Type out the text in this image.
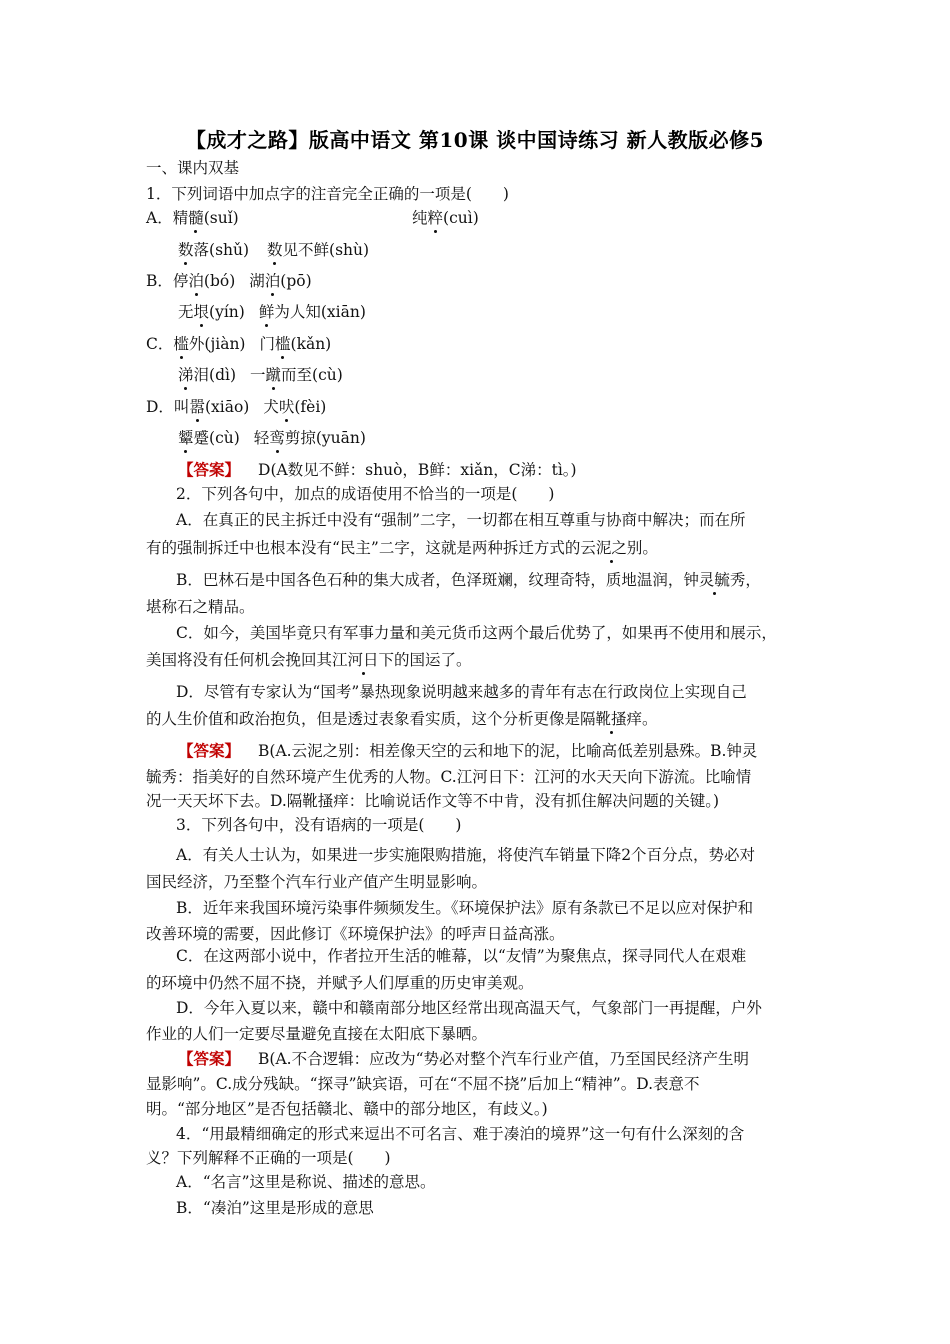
【成才之路】版高中语文 第10课 谈中国诗练习 新人教版必修5
一、课内双基
1．下列词语中加点字的注音完全正确的一项是(　　)
A．精髓(suǐ)	纯粹(cuì)
数落(shǔ) 数见不鲜(shù)
B．停泊(bó) 湖泊(pō)
无垠(yín) 鲜为人知(xiān)
C．槛外(jiàn) 门槛(kǎn)
涕泪(dì) 一蹴而至(cù)
D．叫嚣(xiāo) 犬吠(fèi)
颦蹙(cù) 轻鸾剪掠(yuān)
【答案】 D(A数见不鲜：shuò，B鲜：xiǎn，C涕：tì。)
2．下列各句中，加点的成语使用不恰当的一项是(　　)
A．在真正的民主拆迁中没有“强制”二字，一切都在相互尊重与协商中解决；而在所
有的强制拆迁中也根本没有“民主”二字，这就是两种拆迁方式的云泥之别。
B．巴林石是中国各色石种的集大成者，色泽斑斓，纹理奇特，质地温润，钟灵毓秀，
堪称石之精品。
C．如今，美国毕竟只有军事力量和美元货币这两个最后优势了，如果再不使用和展示，
美国将没有任何机会挽回其江河日下的国运了。
D．尽管有专家认为“国考”暴热现象说明越来越多的青年有志在行政岗位上实现自己
的人生价值和政治抱负，但是透过表象看实质，这个分析更像是隔靴搔痒。
【答案】 B(A.云泥之别：相差像天空的云和地下的泥，比喻高低差别悬殊。B.钟灵
毓秀：指美好的自然环境产生优秀的人物。C.江河日下：江河的水天天向下游流。比喻情
况一天天坏下去。D.隔靴搔痒：比喻说话作文等不中肯，没有抓住解决问题的关键。)
3．下列各句中，没有语病的一项是(　　)
A．有关人士认为，如果进一步实施限购措施，将使汽车销量下降2个百分点，势必对
国民经济，乃至整个汽车行业产值产生明显影响。
B．近年来我国环境污染事件频频发生。《环境保护法》原有条款已不足以应对保护和
改善环境的需要，因此修订《环境保护法》的呼声日益高涨。
C．在这两部小说中，作者拉开生活的帷幕，以“友情”为聚焦点，探寻同代人在艰难
的环境中仍然不屈不挠，并赋予人们厚重的历史审美观。
D．今年入夏以来，赣中和赣南部分地区经常出现高温天气，气象部门一再提醒，户外
作业的人们一定要尽量避免直接在太阳底下暴晒。
【答案】 B(A.不合逻辑：应改为“势必对整个汽车行业产值，乃至国民经济产生明
显影响”。C.成分残缺。“探寻”缺宾语，可在“不屈不挠”后加上“精神”。D.表意不
明。“部分地区”是否包括赣北、赣中的部分地区，有歧义。)
4．“用最精细确定的形式来逗出不可名言、难于凑泊的境界”这一句有什么深刻的含
义？下列解释不正确的一项是(　　)
A．“名言”这里是称说、描述的意思。
B．“凑泊”这里是形成的意思
